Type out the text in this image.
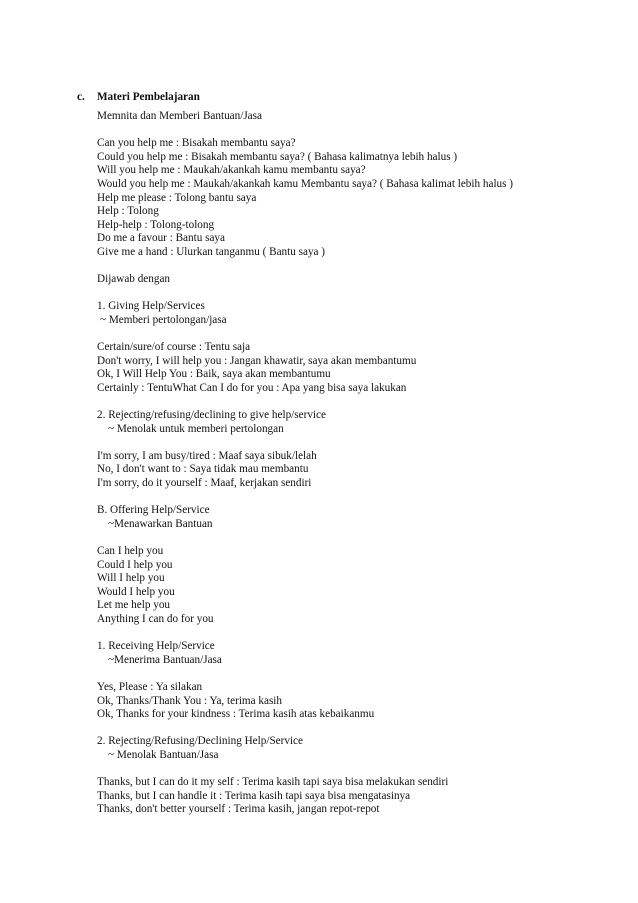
c. Materi Pembelajaran
Memnita dan Memberi Bantuan/Jasa
Can you help me : Bisakah membantu saya?
Could you help me : Bisakah membantu saya? ( Bahasa kalimatnya lebih halus )
Will you help me : Maukah/akankah kamu membantu saya?
Would you help me : Maukah/akankah kamu Membantu saya? ( Bahasa kalimat lebih halus )
Help me please : Tolong bantu saya
Help : Tolong
Help-help : Tolong-tolong
Do me a favour : Bantu saya
Give me a hand : Ulurkan tanganmu ( Bantu saya )
Dijawab dengan
1. Giving Help/Services
~ Memberi pertolongan/jasa
Certain/sure/of course : Tentu saja
Don't worry, I will help you : Jangan khawatir, saya akan membantumu
Ok, I Will Help You : Baik, saya akan membantumu
Certainly : TentuWhat Can I do for you : Apa yang bisa saya lakukan
2. Rejecting/refusing/declining to give help/service
~ Menolak untuk memberi pertolongan
I'm sorry, I am busy/tired : Maaf saya sibuk/lelah
No, I don't want to : Saya tidak mau membantu
I'm sorry, do it yourself : Maaf, kerjakan sendiri
B. Offering Help/Service
~Menawarkan Bantuan
Can I help you
Could I help you
Will I help you
Would I help you
Let me help you
Anything I can do for you
1. Receiving Help/Service
~Menerima Bantuan/Jasa
Yes, Please : Ya silakan
Ok, Thanks/Thank You : Ya, terima kasih
Ok, Thanks for your kindness : Terima kasih atas kebaikanmu
2. Rejecting/Refusing/Declining Help/Service
~ Menolak Bantuan/Jasa
Thanks, but I can do it my self : Terima kasih tapi saya bisa melakukan sendiri
Thanks, but I can handle it : Terima kasih tapi saya bisa mengatasinya
Thanks, don't better yourself : Terima kasih, jangan repot-repot
